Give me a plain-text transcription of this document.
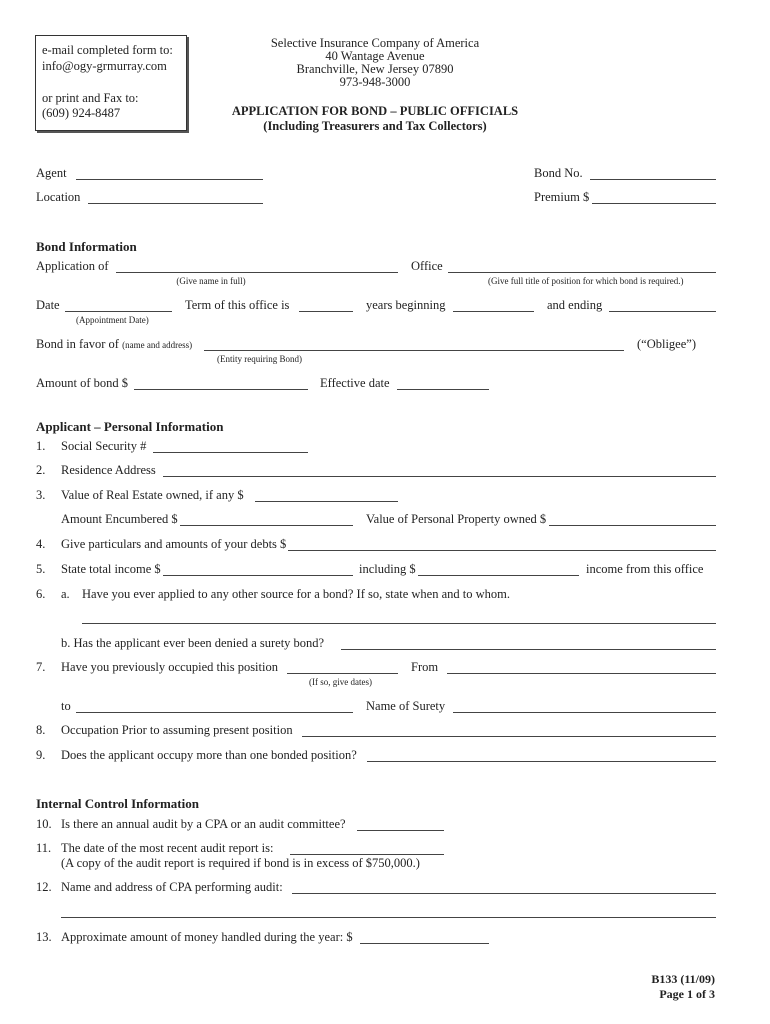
e-mail completed form to:
info@ogy-grmurray.com
or print and Fax to:
(609) 924-8487
Selective Insurance Company of America
40 Wantage Avenue
Branchville, New Jersey 07890
973-948-3000
APPLICATION FOR BOND – PUBLIC OFFICIALS
(Including Treasurers and Tax Collectors)
Agent
Location
Bond No.
Premium $
Bond Information
Application of
(Give name in full)
Office
(Give full title of position for which bond is required.)
Date
(Appointment Date)
Term of this office is	years beginning	and ending
Bond in favor of (name and address)	(“Obligee”)
(Entity requiring Bond)
Amount of bond $	Effective date
Applicant – Personal Information
1. Social Security #
2. Residence Address
3. Value of Real Estate owned, if any $
Amount Encumbered $	Value of Personal Property owned $
4. Give particulars and amounts of your debts $
5. State total income $	including $	income from this office
6. a. Have you ever applied to any other source for a bond? If so, state when and to whom.
b. Has the applicant ever been denied a surety bond?
7. Have you previously occupied this position
(If so, give dates)
From
to	Name of Surety
8. Occupation Prior to assuming present position
9. Does the applicant occupy more than one bonded position?
Internal Control Information
10. Is there an annual audit by a CPA or an audit committee?
11. The date of the most recent audit report is:
(A copy of the audit report is required if bond is in excess of $750,000.)
12. Name and address of CPA performing audit:
13. Approximate amount of money handled during the year: $
B133 (11/09)
Page 1 of 3
